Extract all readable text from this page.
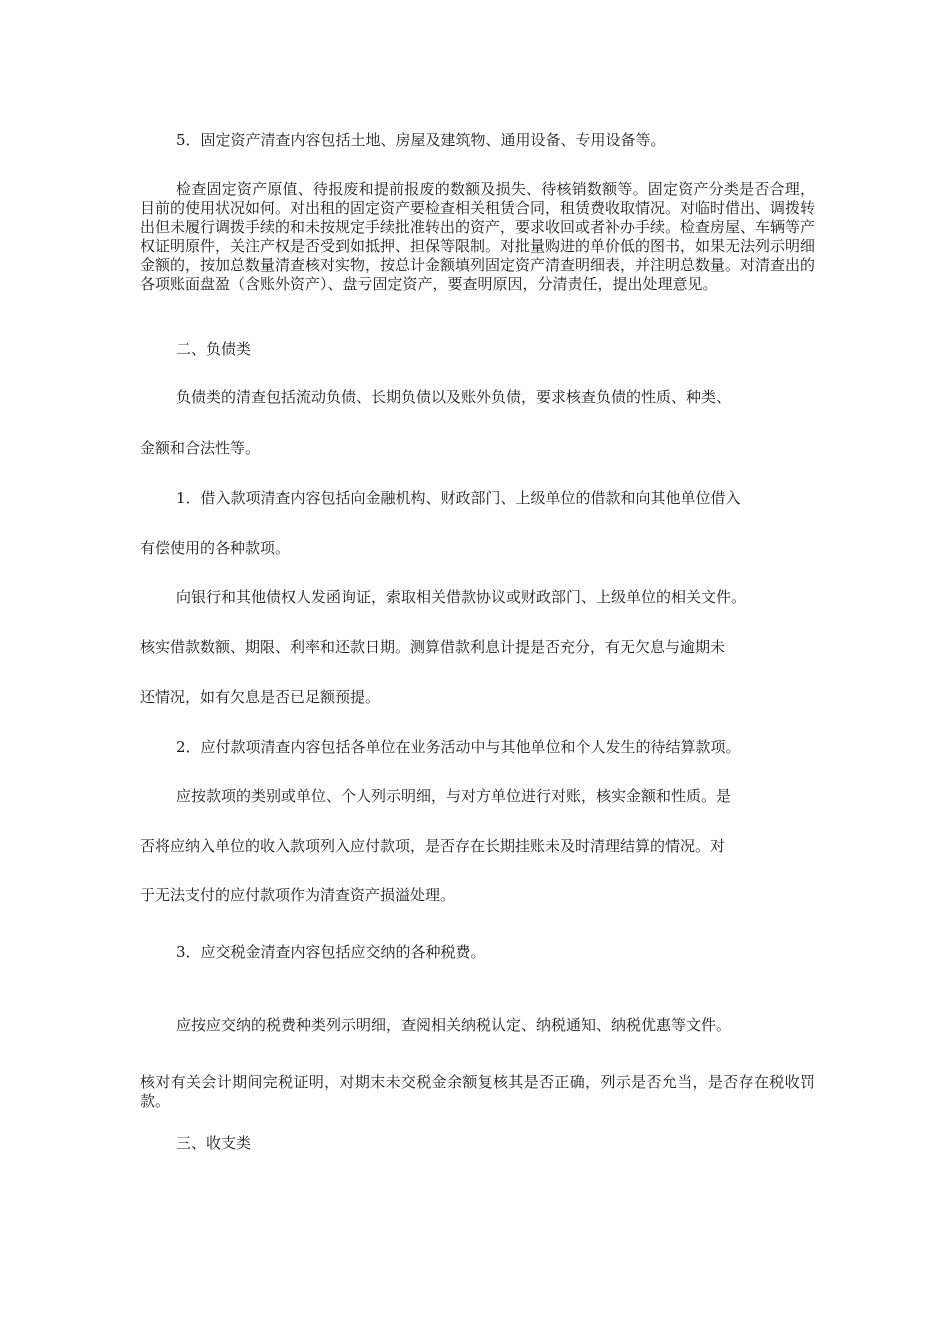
5．固定资产清查内容包括土地、房屋及建筑物、通用设备、专用设备等。

检查固定资产原值、待报废和提前报废的数额及损失、待核销数额等。固定资产分类是否合理，目前的使用状况如何。对出租的固定资产要检查相关租赁合同，租赁费收取情况。对临时借出、调拨转出但未履行调拨手续的和未按规定手续批准转出的资产，要求收回或者补办手续。检查房屋、车辆等产权证明原件，关注产权是否受到如抵押、担保等限制。对批量购进的单价低的图书，如果无法列示明细金额的，按加总数量清查核对实物，按总计金额填列固定资产清查明细表，并注明总数量。对清查出的各项账面盘盈（含账外资产）、盘亏固定资产，要查明原因，分清责任，提出处理意见。

二、负债类

负债类的清查包括流动负债、长期负债以及账外负债，要求核查负债的性质、种类、

金额和合法性等。

1．借入款项清查内容包括向金融机构、财政部门、上级单位的借款和向其他单位借入

有偿使用的各种款项。

向银行和其他债权人发函询证，索取相关借款协议或财政部门、上级单位的相关文件。

核实借款数额、期限、利率和还款日期。测算借款利息计提是否充分，有无欠息与逾期未

还情况，如有欠息是否已足额预提。

2．应付款项清查内容包括各单位在业务活动中与其他单位和个人发生的待结算款项。

应按款项的类别或单位、个人列示明细，与对方单位进行对账，核实金额和性质。是

否将应纳入单位的收入款项列入应付款项，是否存在长期挂账未及时清理结算的情况。对

于无法支付的应付款项作为清查资产损溢处理。

3．应交税金清查内容包括应交纳的各种税费。

应按应交纳的税费种类列示明细，查阅相关纳税认定、纳税通知、纳税优惠等文件。

核对有关会计期间完税证明，对期末未交税金余额复核其是否正确，列示是否允当，是否存在税收罚款。

三、收支类
